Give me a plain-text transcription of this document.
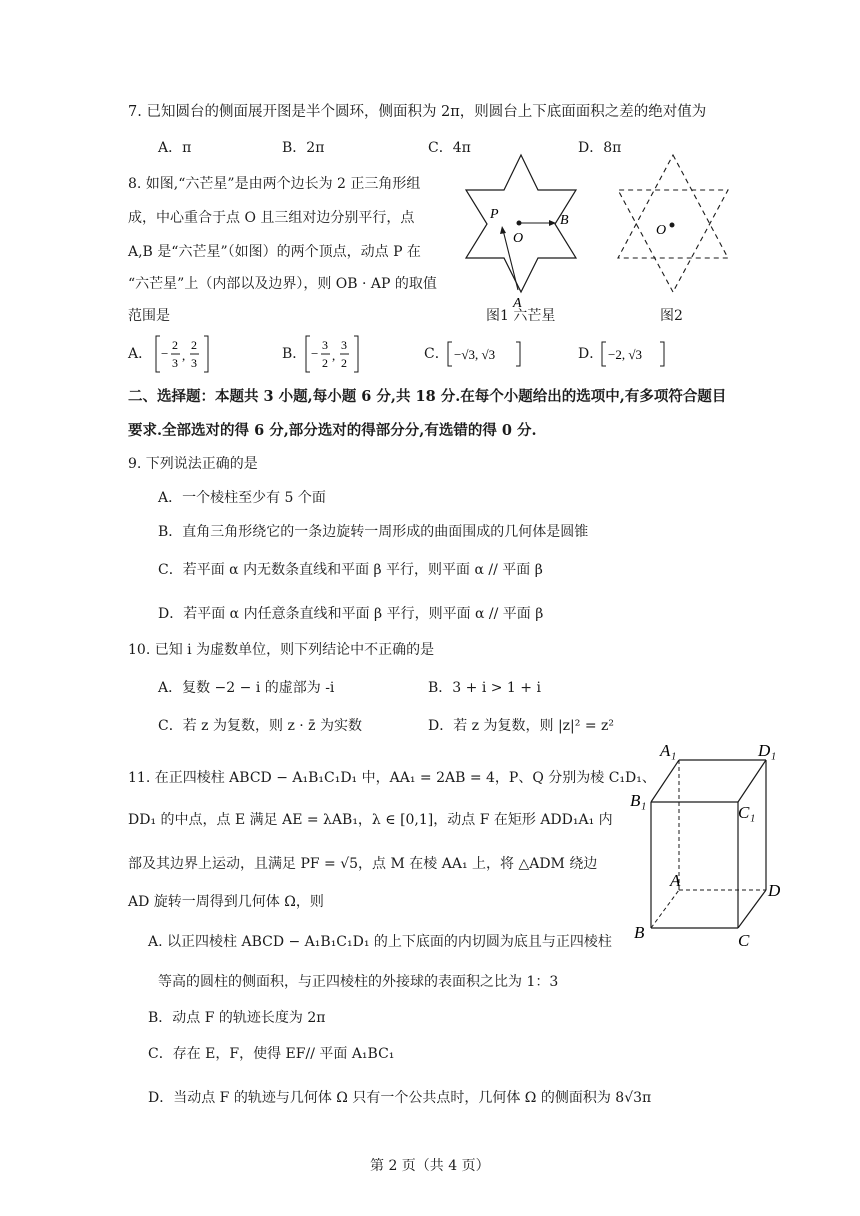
7. 已知圆台的侧面展开图是半个圆环，侧面积为 2π，则圆台上下底面面积之差的绝对值为
A．π	B．2π	C．4π	D．8π
8. 如图,“六芒星”是由两个边长为 2 正三角形组
成，中心重合于点 O 且三组对边分别平行，点
A,B 是“六芒星”（如图）的两个顶点，动点 P 在
“六芒星”上（内部以及边界），则 OB · AP 的取值
范围是
P
O
B
A
图1 六芒星
O
图2
A． −
2
3 ,
2
3
B． −
3
2 ,
3
2
C． −√3, √3	D． −2, √3
二、选择题：本题共 3 小题,每小题 6 分,共 18 分.在每个小题给出的选项中,有多项符合题目
要求.全部选对的得 6 分,部分选对的得部分分,有选错的得 0 分.
9. 下列说法正确的是
A．一个棱柱至少有 5 个面
B．直角三角形绕它的一条边旋转一周形成的曲面围成的几何体是圆锥
C．若平面 α 内无数条直线和平面 β 平行，则平面 α // 平面 β
D．若平面 α 内任意条直线和平面 β 平行，则平面 α // 平面 β
10. 已知 i 为虚数单位，则下列结论中不正确的是
A．复数 −2 − i 的虚部为 -i	B．3 + i > 1 + i
C．若 z 为复数，则 z · z̄ 为实数	D．若 z 为复数，则 |z|² = z²
11. 在正四棱柱 ABCD − A₁B₁C₁D₁ 中，AA₁ = 2AB = 4，P、Q 分别为棱 C₁D₁、
DD₁ 的中点，点 E 满足 AE = λAB₁，λ ∈ [0,1]，动点 F 在矩形 ADD₁A₁ 内
部及其边界上运动，且满足 PF = √5，点 M 在棱 AA₁ 上，将 △ADM 绕边
AD 旋转一周得到几何体 Ω，则
A. 以正四棱柱 ABCD − A₁B₁C₁D₁ 的上下底面的内切圆为底且与正四棱柱
等高的圆柱的侧面积，与正四棱柱的外接球的表面积之比为 1：3
B．动点 F 的轨迹长度为 2π
C．存在 E，F，使得 EF// 平面 A₁BC₁
D．当动点 F 的轨迹与几何体 Ω 只有一个公共点时，几何体 Ω 的侧面积为 8√3π
A₁	D₁
B₁
C₁
A
D
B	C
第 2 页（共 4 页）
